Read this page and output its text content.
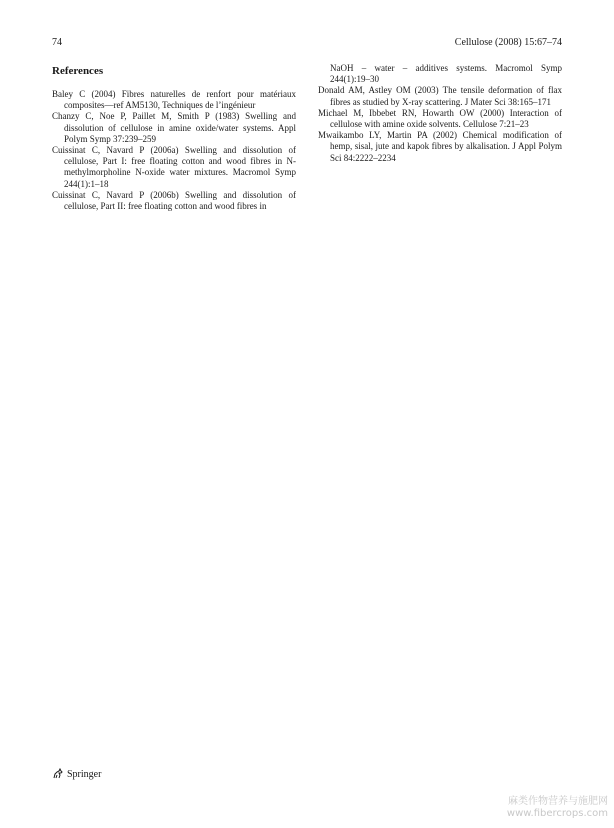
74	Cellulose (2008) 15:67–74
References
Baley C (2004) Fibres naturelles de renfort pour matériaux composites—ref AM5130, Techniques de l’ingénieur
Chanzy C, Noe P, Paillet M, Smith P (1983) Swelling and dissolution of cellulose in amine oxide/water systems. Appl Polym Symp 37:239–259
Cuissinat C, Navard P (2006a) Swelling and dissolution of cellulose, Part I: free floating cotton and wood fibres in N-methylmorpholine N-oxide water mixtures. Macromol Symp 244(1):1–18
Cuissinat C, Navard P (2006b) Swelling and dissolution of cellulose, Part II: free floating cotton and wood fibres in
NaOH – water – additives systems. Macromol Symp 244(1):19–30
Donald AM, Astley OM (2003) The tensile deformation of flax fibres as studied by X-ray scattering. J Mater Sci 38:165–171
Michael M, Ibbebet RN, Howarth OW (2000) Interaction of cellulose with amine oxide solvents. Cellulose 7:21–23
Mwaikambo LY, Martin PA (2002) Chemical modification of hemp, sisal, jute and kapok fibres by alkalisation. J Appl Polym Sci 84:2222–2234
Springer
麻类作物营养与施肥网
www.fibercrops.com
